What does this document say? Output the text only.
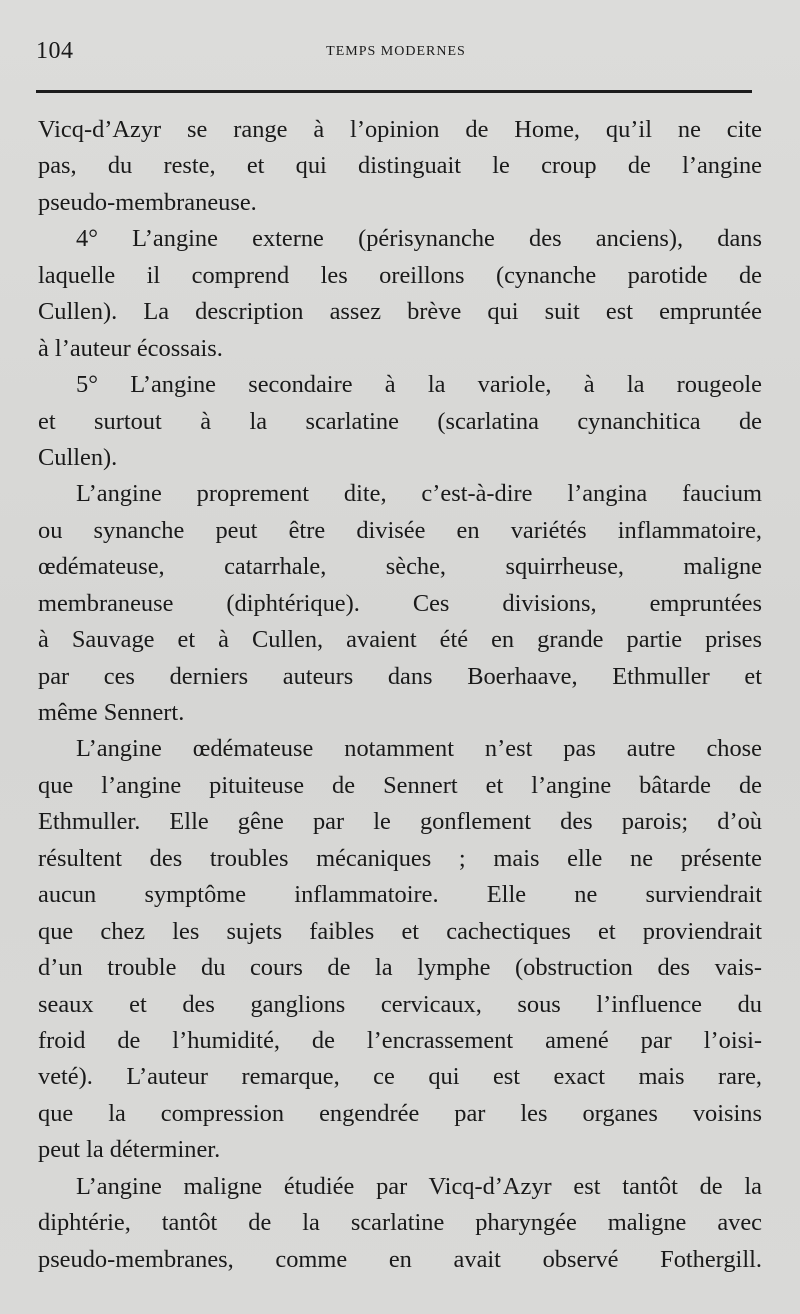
104	TEMPS MODERNES
Vicq-d’Azyr se range à l’opinion de Home, qu’il ne cite
pas, du reste, et qui distinguait le croup de l’angine
pseudo-membraneuse.
4° L’angine externe (périsynanche des anciens), dans
laquelle il comprend les oreillons (cynanche parotide de
Cullen). La description assez brève qui suit est empruntée
à l’auteur écossais.
5° L’angine secondaire à la variole, à la rougeole
et surtout à la scarlatine (scarlatina cynanchitica de
Cullen).
L’angine proprement dite, c’est-à-dire l’angina faucium
ou synanche peut être divisée en variétés inflammatoire,
œdémateuse, catarrhale, sèche, squirrheuse, maligne
membraneuse (diphtérique). Ces divisions, empruntées
à Sauvage et à Cullen, avaient été en grande partie prises
par ces derniers auteurs dans Boerhaave, Ethmuller et
même Sennert.
L’angine œdémateuse notamment n’est pas autre chose
que l’angine pituiteuse de Sennert et l’angine bâtarde de
Ethmuller. Elle gêne par le gonflement des parois; d’où
résultent des troubles mécaniques ; mais elle ne présente
aucun symptôme inflammatoire. Elle ne surviendrait
que chez les sujets faibles et cachectiques et proviendrait
d’un trouble du cours de la lymphe (obstruction des vais-
seaux et des ganglions cervicaux, sous l’influence du
froid de l’humidité, de l’encrassement amené par l’oisi-
veté). L’auteur remarque, ce qui est exact mais rare,
que la compression engendrée par les organes voisins
peut la déterminer.
L’angine maligne étudiée par Vicq-d’Azyr est tantôt de la
diphtérie, tantôt de la scarlatine pharyngée maligne avec
pseudo-membranes, comme en avait observé Fothergill.
